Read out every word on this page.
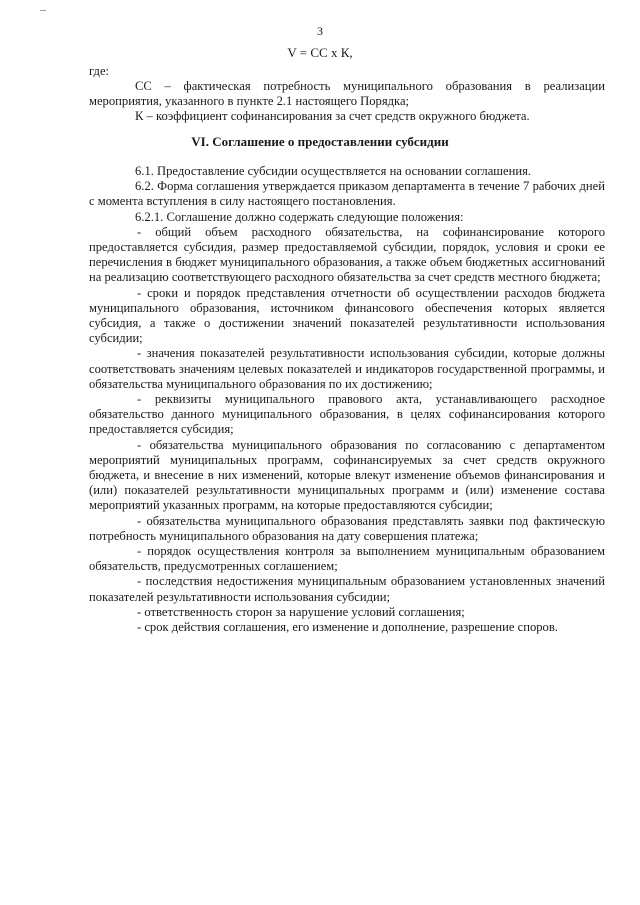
3
V = СС х К,
где:

СС – фактическая потребность муниципального образования в реализации мероприятия, указанного в пункте 2.1 настоящего Порядка;

К – коэффициент софинансирования за счет средств окружного бюджета.

VI. Соглашение о предоставлении субсидии

6.1. Предоставление субсидии осуществляется на основании соглашения.

6.2. Форма соглашения утверждается приказом департамента в течение 7 рабочих дней с момента вступления в силу настоящего постановления.

6.2.1. Соглашение должно содержать следующие положения:

- общий объем расходного обязательства, на софинансирование которого предоставляется субсидия, размер предоставляемой субсидии, порядок, условия и сроки ее перечисления в бюджет муниципального образования, а также объем бюджетных ассигнований на реализацию соответствующего расходного обязательства за счет средств местного бюджета;

- сроки и порядок представления отчетности об осуществлении расходов бюджета муниципального образования, источником финансового обеспечения которых является субсидия, а также о достижении значений показателей результативности использования субсидии;

- значения показателей результативности использования субсидии, которые должны соответствовать значениям целевых показателей и индикаторов государственной программы, и обязательства муниципального образования по их достижению;

- реквизиты муниципального правового акта, устанавливающего расходное обязательство данного муниципального образования, в целях софинансирования которого предоставляется субсидия;

- обязательства муниципального образования по согласованию с департаментом мероприятий муниципальных программ, софинансируемых за счет средств окружного бюджета, и внесение в них изменений, которые влекут изменение объемов финансирования и (или) показателей результативности муниципальных программ и (или) изменение состава мероприятий указанных программ, на которые предоставляются субсидии;

- обязательства муниципального образования представлять заявки под фактическую потребность муниципального образования на дату совершения платежа;

- порядок осуществления контроля за выполнением муниципальным образованием обязательств, предусмотренных соглашением;

- последствия недостижения муниципальным образованием установленных значений показателей результативности использования субсидии;

- ответственность сторон за нарушение условий соглашения;

- срок действия соглашения, его изменение и дополнение, разрешение споров.
